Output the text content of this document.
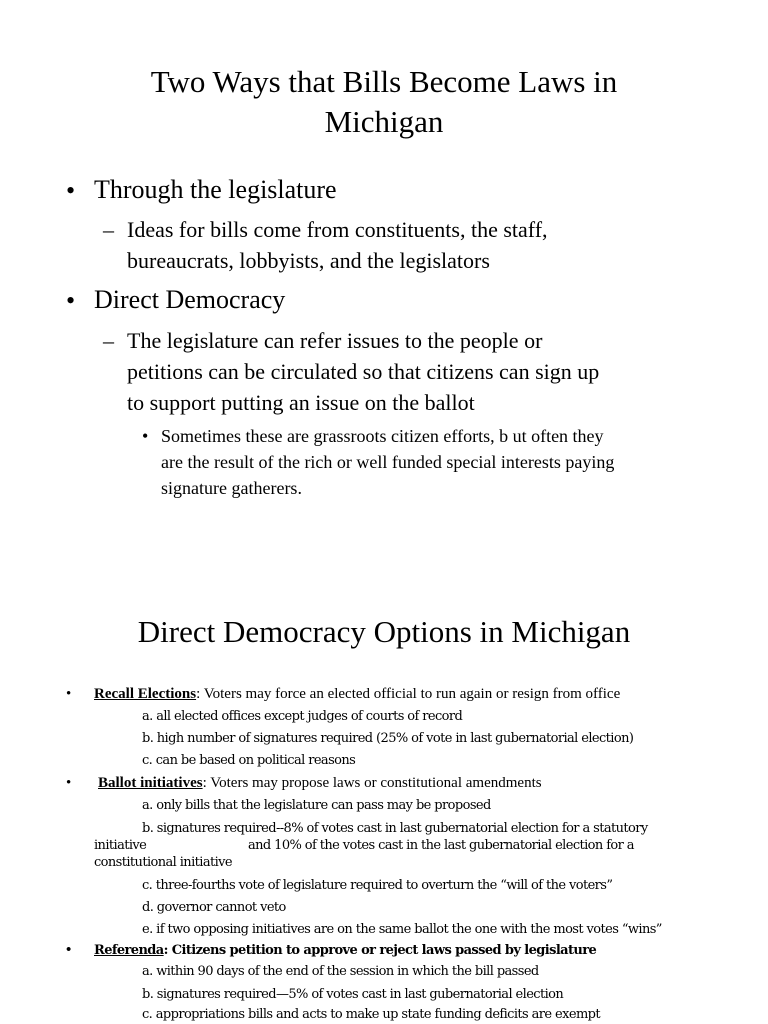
Two Ways that Bills Become Laws in
Michigan
• Through the legislature
– Ideas for bills come from constituents, the staff,
bureaucrats, lobbyists, and the legislators
• Direct Democracy
– The legislature can refer issues to the people or
petitions can be circulated so that citizens can sign up
to support putting an issue on the ballot
• Sometimes these are grassroots citizen efforts, b ut often they
are the result of the rich or well funded special interests paying
signature gatherers.
Direct Democracy Options in Michigan
• Recall Elections: Voters may force an elected official to run again or resign from office
a. all elected offices except judges of courts of record
b. high number of signatures required (25% of vote in last gubernatorial election)
c. can be based on political reasons
• Ballot initiatives: Voters may propose laws or constitutional amendments
a. only bills that the legislature can pass may be proposed
b. signatures required--8% of votes cast in last gubernatorial election for a statutory
initiative	and 10% of the votes cast in the last gubernatorial election for a
constitutional initiative
c. three-fourths vote of legislature required to overturn the “will of the voters”
d. governor cannot veto
e. if two opposing initiatives are on the same ballot the one with the most votes “wins”
• Referenda: Citizens petition to approve or reject laws passed by legislature
a. within 90 days of the end of the session in which the bill passed
b. signatures required—5% of votes cast in last gubernatorial election
c. appropriations bills and acts to make up state funding deficits are exempt
